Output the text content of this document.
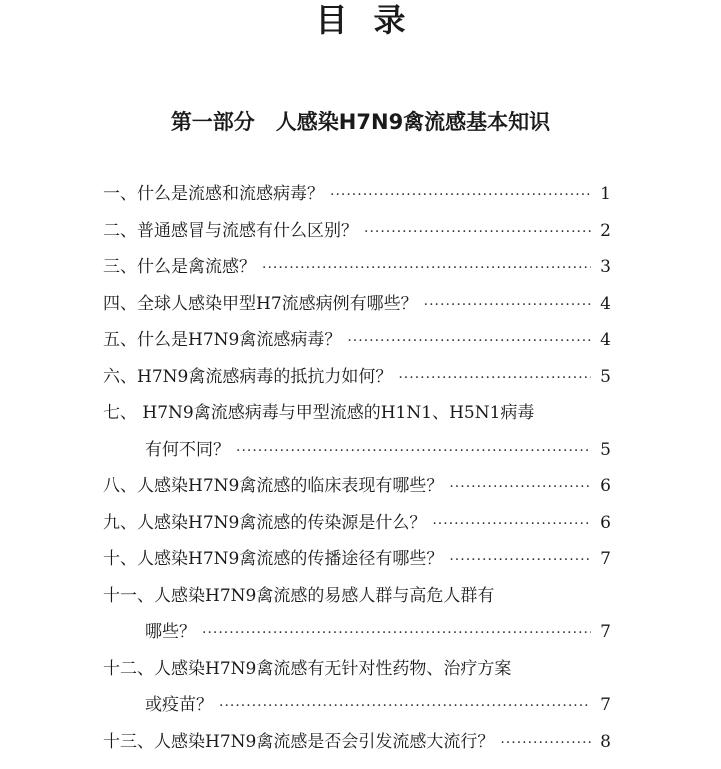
目录
第一部分　人感染H7N9禽流感基本知识
一、什么是流感和流感病毒？ ·····	1
二、普通感冒与流感有什么区别？ ·····	2
三、什么是禽流感？ ·····	3
四、全球人感染甲型H7流感病例有哪些？ ·····	4
五、什么是H7N9禽流感病毒？ ·····	4
六、H7N9禽流感病毒的抵抗力如何？ ·····	5
七、 H7N9禽流感病毒与甲型流感的H1N1、H5N1病毒
有何不同？ ·····	5
八、人感染H7N9禽流感的临床表现有哪些？ ·····	6
九、人感染H7N9禽流感的传染源是什么？ ·····	6
十、人感染H7N9禽流感的传播途径有哪些？ ·····	7
十一、人感染H7N9禽流感的易感人群与高危人群有
哪些？ ·····	7
十二、人感染H7N9禽流感有无针对性药物、治疗方案
或疫苗？ ·····	7
十三、人感染H7N9禽流感是否会引发流感大流行？ ·····	8
